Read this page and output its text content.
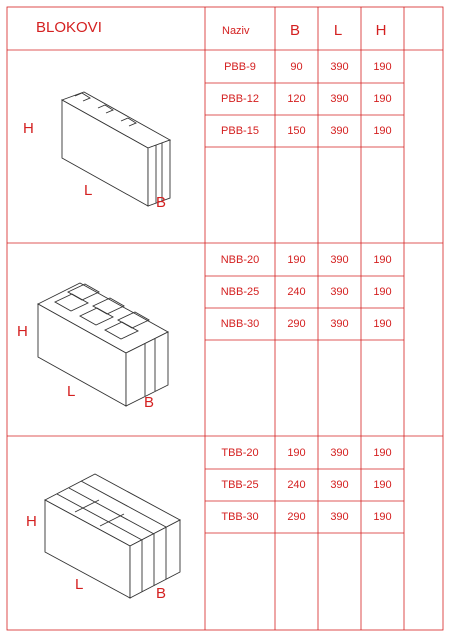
BLOKOVI	Naziv	B	L	H
H
L
B
H
L
B
H
L
B
PBB-9	90	390	190
PBB-12	120	390	190
PBB-15	150	390	190
NBB-20	190	390	190
NBB-25	240	390	190
NBB-30	290	390	190
TBB-20	190	390	190
TBB-25	240	390	190
TBB-30	290	390	190
